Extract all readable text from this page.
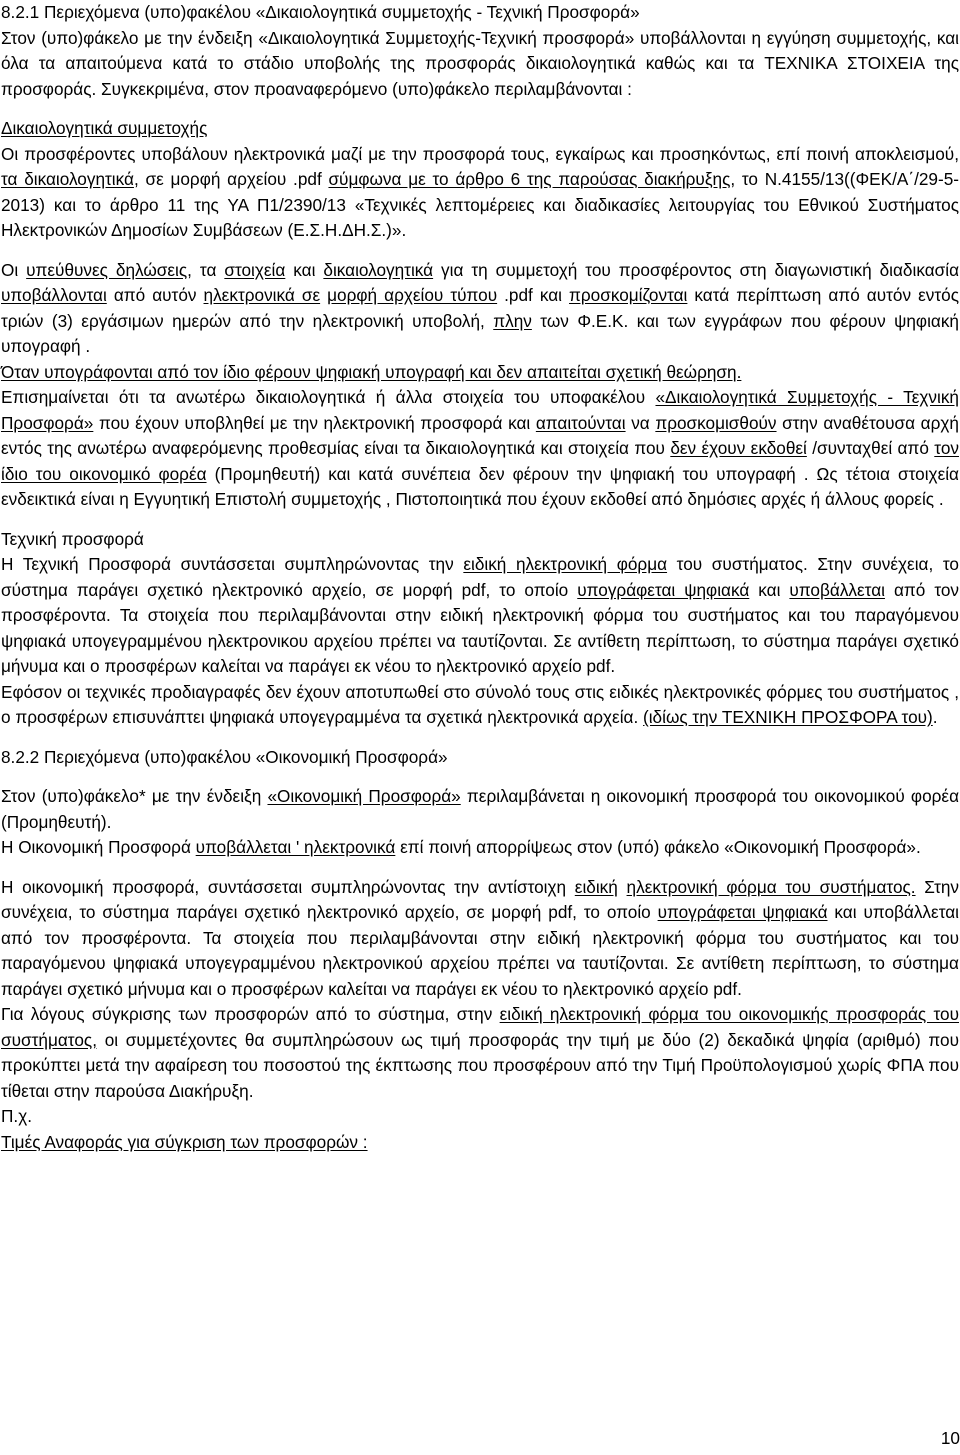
8.2.1 Περιεχόμενα (υπο)φακέλου «Δικαιολογητικά συμμετοχής - Τεχνική Προσφορά»

Στον (υπο)φάκελο με την ένδειξη «Δικαιολογητικά Συμμετοχής-Τεχνική προσφορά» υποβάλλονται η εγγύηση συμμετοχής, και όλα τα απαιτούμενα κατά το στάδιο υποβολής της προσφοράς δικαιολογητικά καθώς και τα ΤΕΧΝΙΚΑ ΣΤΟΙΧΕΙΑ της προσφοράς. Συγκεκριμένα, στον προαναφερόμενο (υπο)φάκελο περιλαμβάνονται :

Δικαιολογητικά συμμετοχής

Οι προσφέροντες υποβάλουν ηλεκτρονικά μαζί με την προσφορά τους, εγκαίρως και προσηκόντως, επί ποινή αποκλεισμού, τα δικαιολογητικά, σε μορφή αρχείου .pdf σύμφωνα με το άρθρο 6 της παρούσας διακήρυξης, το Ν.4155/13((ΦΕΚ/Α΄/29-5- 2013) και το άρθρο 11 της ΥΑ Π1/2390/13 «Τεχνικές λεπτομέρειες και διαδικασίες λειτουργίας του Εθνικού Συστήματος Ηλεκτρονικών Δημοσίων Συμβάσεων (Ε.Σ.Η.ΔΗ.Σ.)».

Οι υπεύθυνες δηλώσεις, τα στοιχεία και δικαιολογητικά για τη συμμετοχή του προσφέροντος στη διαγωνιστική διαδικασία υποβάλλονται από αυτόν ηλεκτρονικά σε μορφή αρχείου τύπου .pdf και προσκομίζονται κατά περίπτωση από αυτόν εντός τριών (3) εργάσιμων ημερών από την ηλεκτρονική υποβολή, πλην των Φ.Ε.Κ. και των εγγράφων που φέρουν ψηφιακή υπογραφή .

Όταν υπογράφονται από τον ίδιο φέρουν ψηφιακή υπογραφή και δεν απαιτείται σχετική θεώρηση.

Επισημαίνεται ότι τα ανωτέρω δικαιολογητικά ή άλλα στοιχεία του υποφακέλου «Δικαιολογητικά Συμμετοχής - Τεχνική Προσφορά» που έχουν υποβληθεί με την ηλεκτρονική προσφορά και απαιτούνται να προσκομισθούν στην αναθέτουσα αρχή εντός της ανωτέρω αναφερόμενης προθεσμίας είναι τα δικαιολογητικά και στοιχεία που δεν έχουν εκδοθεί /συνταχθεί από τον ίδιο του οικονομικό φορέα (Προμηθευτή) και κατά συνέπεια δεν φέρουν την ψηφιακή του υπογραφή . Ως τέτοια στοιχεία ενδεικτικά είναι η Εγγυητική Επιστολή συμμετοχής , Πιστοποιητικά που έχουν εκδοθεί από δημόσιες αρχές ή άλλους φορείς .

Τεχνική προσφορά

Η Τεχνική Προσφορά συντάσσεται συμπληρώνοντας την ειδική ηλεκτρονική φόρμα του συστήματος. Στην συνέχεια, το σύστημα παράγει σχετικό ηλεκτρονικό αρχείο, σε μορφή pdf, το οποίο υπογράφεται ψηφιακά και υποβάλλεται από τον προσφέροντα. Τα στοιχεία που περιλαμβάνονται στην ειδική ηλεκτρονική φόρμα του συστήματος και του παραγόμενου ψηφιακά υπογεγραμμένου ηλεκτρονικου αρχείου πρέπει να ταυτίζονται. Σε αντίθετη περίπτωση, το σύστημα παράγει σχετικό μήνυμα και ο προσφέρων καλείται να παράγει εκ νέου το ηλεκτρονικό αρχείο pdf.

Εφόσον οι τεχνικές προδιαγραφές δεν έχουν αποτυπωθεί στο σύνολό τους στις ειδικές ηλεκτρονικές φόρμες του συστήματος , ο προσφέρων επισυνάπτει ψηφιακά υπογεγραμμένα τα σχετικά ηλεκτρονικά αρχεία. (ιδίως την ΤΕΧΝΙΚΗ ΠΡΟΣΦΟΡΑ του).

8.2.2 Περιεχόμενα (υπο)φακέλου «Οικονομική Προσφορά»

Στον (υπο)φάκελο* με την ένδειξη «Οικονομική Προσφορά» περιλαμβάνεται η οικονομική προσφορά του οικονομικού φορέα (Προμηθευτή).

Η Οικονομική Προσφορά υποβάλλεται ' ηλεκτρονικά επί ποινή απορρίψεως στον (υπό) φάκελο «Οικονομική Προσφορά».

Η οικονομική προσφορά, συντάσσεται συμπληρώνοντας την αντίστοιχη ειδική ηλεκτρονική φόρμα του συστήματος. Στην συνέχεια, το σύστημα παράγει σχετικό ηλεκτρονικό αρχείο, σε μορφή pdf, το οποίο υπογράφεται ψηφιακά και υποβάλλεται από τον προσφέροντα. Τα στοιχεία που περιλαμβάνονται στην ειδική ηλεκτρονική φόρμα του συστήματος και του παραγόμενου ψηφιακά υπογεγραμμένου ηλεκτρονικού αρχείου πρέπει να ταυτίζονται. Σε αντίθετη περίπτωση, το σύστημα παράγει σχετικό μήνυμα και ο προσφέρων καλείται να παράγει εκ νέου το ηλεκτρονικό αρχείο pdf.

Για λόγους σύγκρισης των προσφορών από το σύστημα, στην ειδική ηλεκτρονική φόρμα του οικονομικής προσφοράς του συστήματος, οι συμμετέχοντες θα συμπληρώσουν ως τιμή προσφοράς την τιμή με δύο (2) δεκαδικά ψηφία (αριθμό) που προκύπτει μετά την αφαίρεση του ποσοστού της έκπτωσης που προσφέρουν από την Τιμή Προϋπολογισμού χωρίς ΦΠΑ που τίθεται στην παρούσα Διακήρυξη.

Π.χ.

Τιμές Αναφοράς για σύγκριση των προσφορών :

10
